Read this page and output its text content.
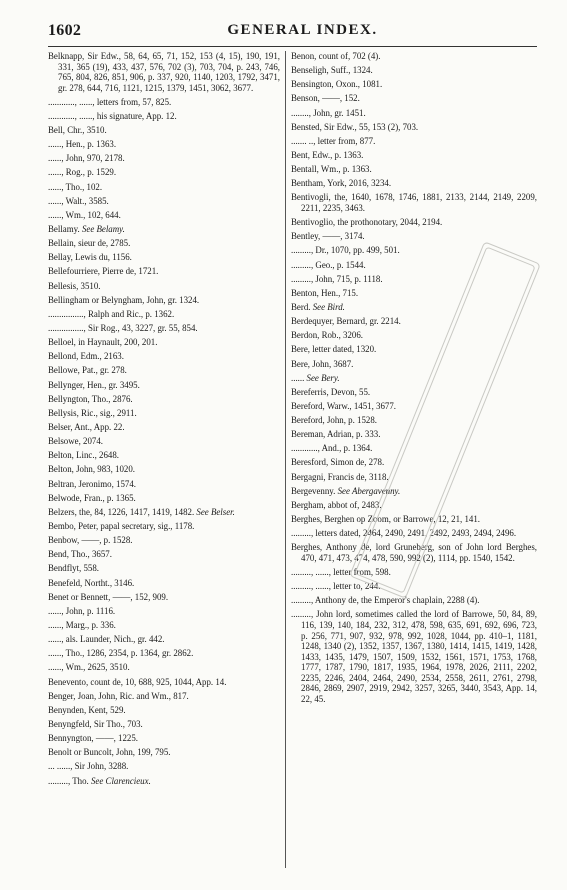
1602	GENERAL INDEX.

Belknapp, Sir Edw., 58, 64, 65, 71, 152, 153 (4, 15), 190, 191, 331, 365 (19), 433, 437, 576, 702 (3), 703, 704, p. 243, 746, 765, 804, 826, 851, 906, p. 337, 920, 1140, 1203, 1792, 3471, gr. 278, 644, 716, 1121, 1215, 1379, 1451, 3062, 3677.

............, ......, letters from, 57, 825.

............, ......, his signature, App. 12.

Bell, Chr., 3510.

......, Hen., p. 1363.

......, John, 970, 2178.

......, Rog., p. 1529.

......, Tho., 102.

......, Walt., 3585.

......, Wm., 102, 644.

Bellamy. See Belamy.

Bellain, sieur de, 2785.

Bellay, Lewis du, 1156.

Bellefourriere, Pierre de, 1721.

Bellesis, 3510.

Bellingham or Belyngham, John, gr. 1324.

................, Ralph and Ric., p. 1362.

................, Sir Rog., 43, 3227, gr. 55, 854.

Belloel, in Haynault, 200, 201.

Bellond, Edm., 2163.

Bellowe, Pat., gr. 278.

Bellynger, Hen., gr. 3495.

Bellyngton, Tho., 2876.

Bellysis, Ric., sig., 2911.

Belser, Ant., App. 22.

Belsowe, 2074.

Belton, Linc., 2648.

Belton, John, 983, 1020.

Beltran, Jeronimo, 1574.

Belwode, Fran., p. 1365.

Belzers, the, 84, 1226, 1417, 1419, 1482. See Belser.

Bembo, Peter, papal secretary, sig., 1178.

Benbow, ——, p. 1528.

Bend, Tho., 3657.

Bendflyt, 558.

Benefeld, Northt., 3146.

Benet or Bennett, ——, 152, 909.

......, John, p. 1116.

......, Marg., p. 336.

......, als. Launder, Nich., gr. 442.

......, Tho., 1286, 2354, p. 1364, gr. 2862.

......, Wm., 2625, 3510.

Benevento, count de, 10, 688, 925, 1044, App. 14.

Benger, Joan, John, Ric. and Wm., 817.

Benynden, Kent, 529.

Benyngfeld, Sir Tho., 703.

Bennyngton, ——, 1225.

Benolt or Buncolt, John, 199, 795.

... ......, Sir John, 3288.

........., Tho. See Clarencieux.

Benon, count of, 702 (4).

Benseligh, Suff., 1324.

Bensington, Oxon., 1081.

Benson, ——, 152.

........, John, gr. 1451.

Bensted, Sir Edw., 55, 153 (2), 703.

....... .., letter from, 877.

Bent, Edw., p. 1363.

Bentall, Wm., p. 1363.

Bentham, York, 2016, 3234.

Bentivogli, the, 1640, 1678, 1746, 1881, 2133, 2144, 2149, 2209, 2211, 2235, 3463.

Bentivoglio, the prothonotary, 2044, 2194.

Bentley, ——, 3174.

........., Dr., 1070, pp. 499, 501.

........., Geo., p. 1544.

........., John, 715, p. 1118.

Benton, Hen., 715.

Berd. See Bird.

Berdequyer, Bernard, gr. 2214.

Berdon, Rob., 3206.

Bere, letter dated, 1320.

Bere, John, 3687.

...... See Bery.

Bereferris, Devon, 55.

Bereford, Warw., 1451, 3677.

Bereford, John, p. 1528.

Bereman, Adrian, p. 333.

............, And., p. 1364.

Beresford, Simon de, 278.

Bergagni, Francis de, 3118.

Bergevenny. See Abergavenny.

Bergham, abbot of, 2483.

Berghes, Berghen op Zoom, or Barrowe, 12, 21, 141.

........., letters dated, 2464, 2490, 2491, 2492, 2493, 2494, 2496.

Berghes, Anthony de, lord Gruneberg, son of John lord Berghes, 470, 471, 473, 474, 478, 590, 992 (2), 1114, pp. 1540, 1542.

........., ......, letter from, 598.

........., ......, letter to, 244.

........., Anthony de, the Emperor's chaplain, 2288 (4).

........., John lord, sometimes called the lord of Barrowe, 50, 84, 89, 116, 139, 140, 184, 232, 312, 478, 598, 635, 691, 692, 696, 723, p. 256, 771, 907, 932, 978, 992, 1028, 1044, pp. 410–1, 1181, 1248, 1340 (2), 1352, 1357, 1367, 1380, 1414, 1415, 1419, 1428, 1433, 1435, 1479, 1507, 1509, 1532, 1561, 1571, 1753, 1768, 1777, 1787, 1790, 1817, 1935, 1964, 1978, 2026, 2111, 2202, 2235, 2246, 2404, 2464, 2490, 2534, 2558, 2611, 2761, 2798, 2846, 2869, 2907, 2919, 2942, 3257, 3265, 3440, 3543, App. 14, 22, 45.
